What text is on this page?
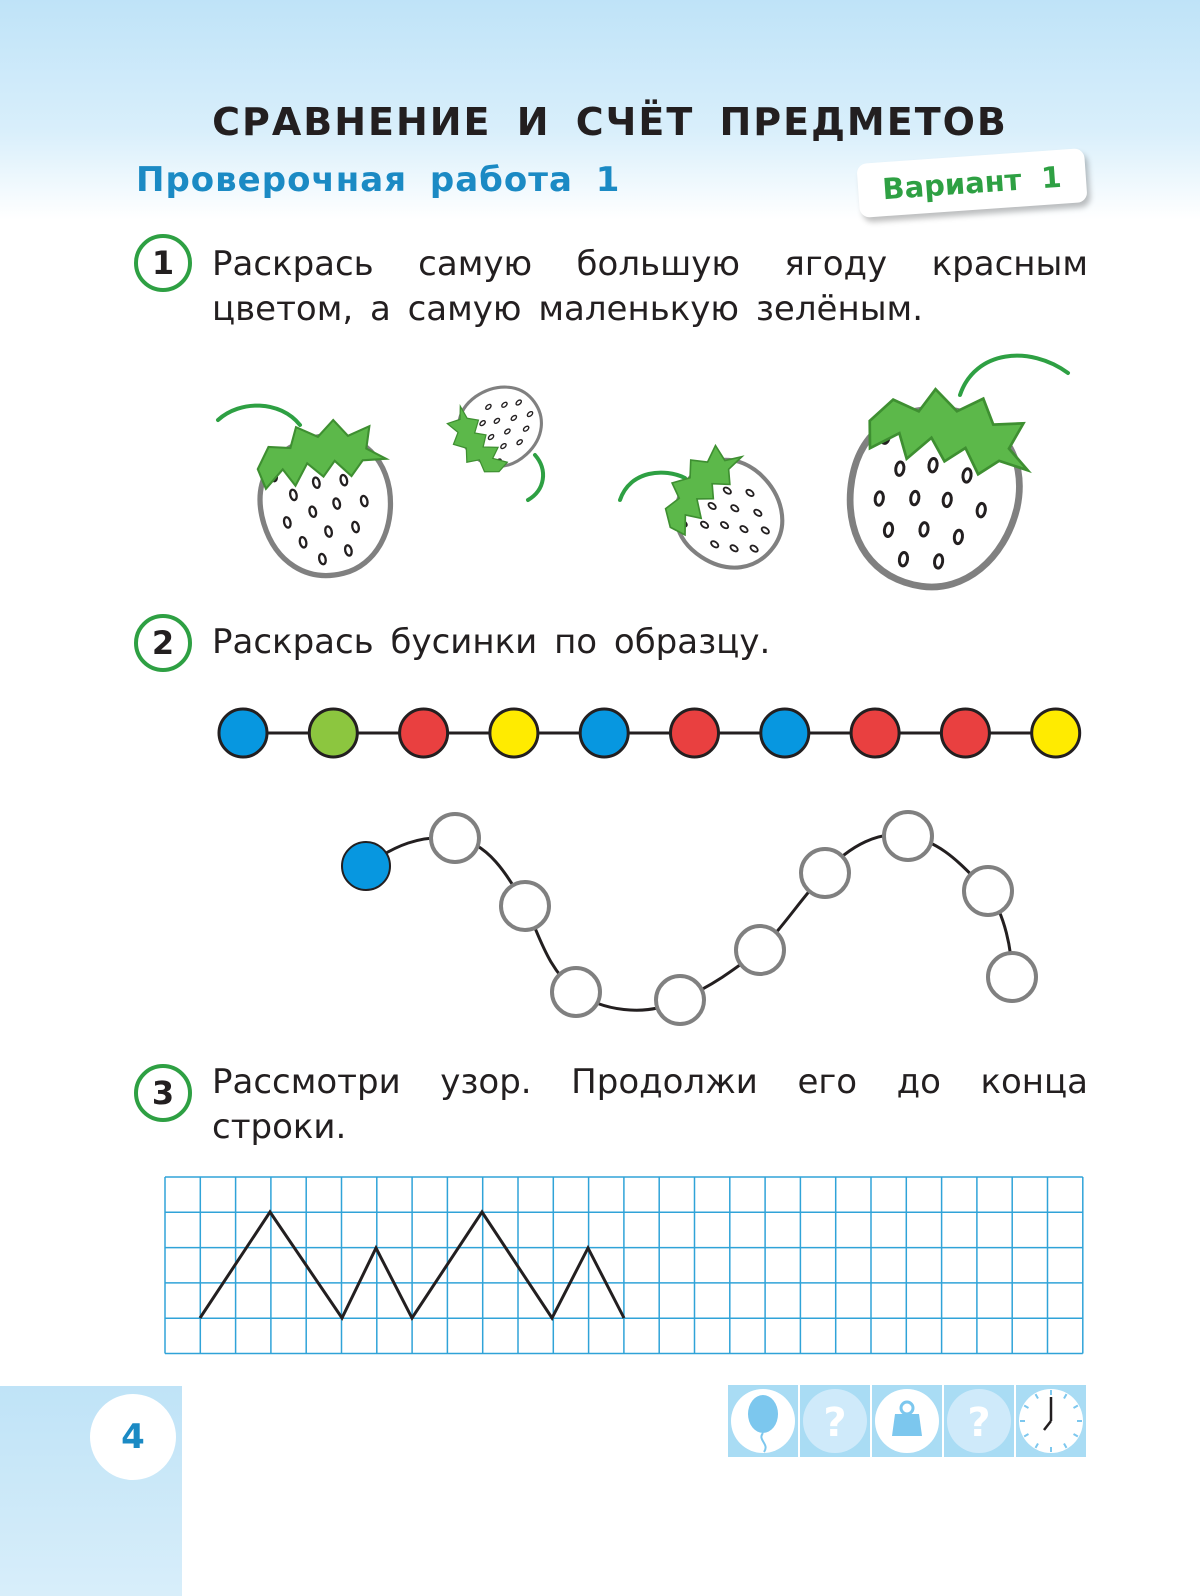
СРАВНЕНИЕ И СЧЁТ ПРЕДМЕТОВ
Проверочная работа 1	Вариант 1
1	Раскрась самую большую ягоду красным цветом, а самую маленькую зелёным.
2	Раскрась бусинки по образцу.
3	Рассмотри узор. Продолжи его до конца строки.
?	?
4
